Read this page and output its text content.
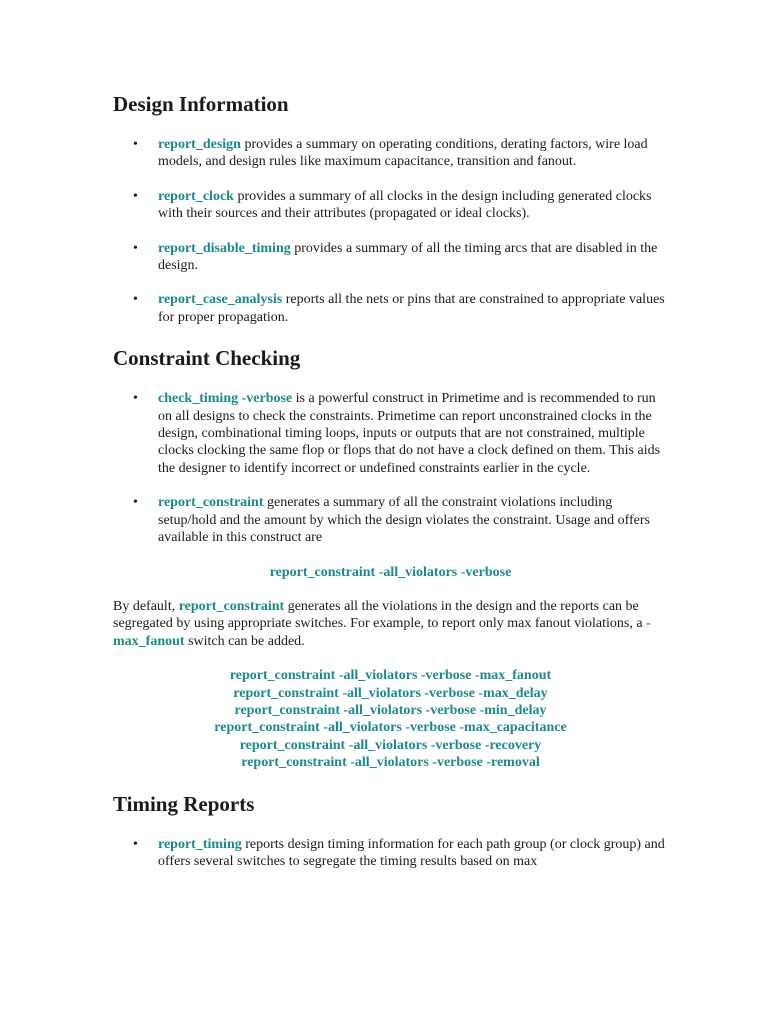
Design Information
• report_design provides a summary on operating conditions, derating factors, wire load models, and design rules like maximum capacitance, transition and fanout.
• report_clock provides a summary of all clocks in the design including generated clocks with their sources and their attributes (propagated or ideal clocks).
• report_disable_timing provides a summary of all the timing arcs that are disabled in the design.
• report_case_analysis reports all the nets or pins that are constrained to appropriate values for proper propagation.
Constraint Checking
• check_timing -verbose is a powerful construct in Primetime and is recommended to run on all designs to check the constraints. Primetime can report unconstrained clocks in the design, combinational timing loops, inputs or outputs that are not constrained, multiple clocks clocking the same flop or flops that do not have a clock defined on them. This aids the designer to identify incorrect or undefined constraints earlier in the cycle.
• report_constraint generates a summary of all the constraint violations including setup/hold and the amount by which the design violates the constraint. Usage and offers available in this construct are
report_constraint -all_violators -verbose

By default, report_constraint generates all the violations in the design and the reports can be segregated by using appropriate switches. For example, to report only max fanout violations, a -max_fanout switch can be added.

report_constraint -all_violators -verbose -max_fanout
report_constraint -all_violators -verbose -max_delay
report_constraint -all_violators -verbose -min_delay
report_constraint -all_violators -verbose -max_capacitance
report_constraint -all_violators -verbose -recovery
report_constraint -all_violators -verbose -removal
Timing Reports
• report_timing reports design timing information for each path group (or clock group) and offers several switches to segregate the timing results based on max
